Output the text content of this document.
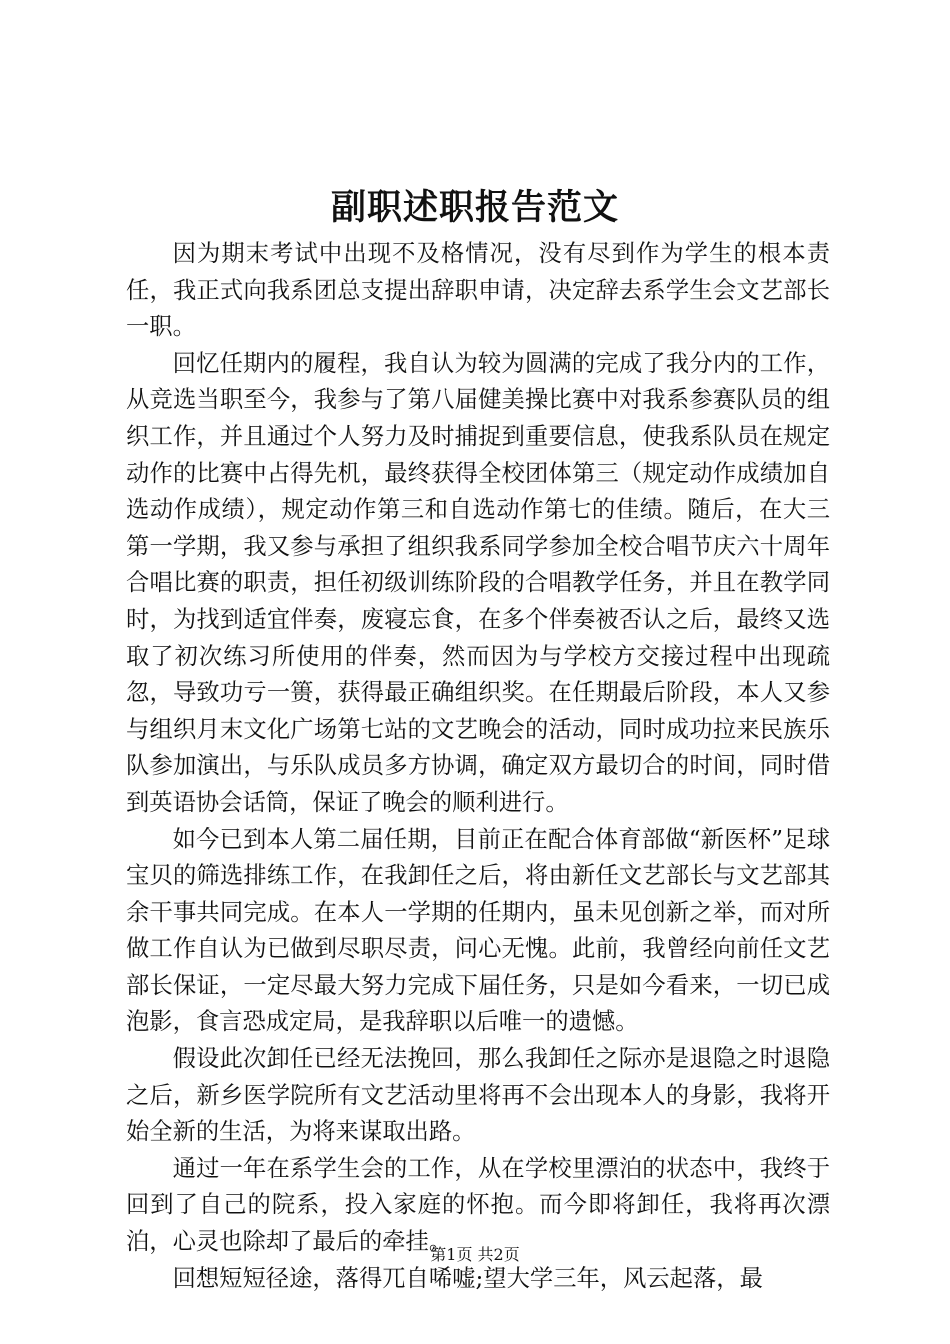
副职述职报告范文

因为期末考试中出现不及格情况，没有尽到作为学生的根本责任，我正式向我系团总支提出辞职申请，决定辞去系学生会文艺部长一职。

回忆任期内的履程，我自认为较为圆满的完成了我分内的工作，从竞选当职至今，我参与了第八届健美操比赛中对我系参赛队员的组织工作，并且通过个人努力及时捕捉到重要信息，使我系队员在规定动作的比赛中占得先机，最终获得全校团体第三（规定动作成绩加自选动作成绩），规定动作第三和自选动作第七的佳绩。随后，在大三第一学期，我又参与承担了组织我系同学参加全校合唱节庆六十周年合唱比赛的职责，担任初级训练阶段的合唱教学任务，并且在教学同时，为找到适宜伴奏，废寝忘食，在多个伴奏被否认之后，最终又选取了初次练习所使用的伴奏，然而因为与学校方交接过程中出现疏忽，导致功亏一篑，获得最正确组织奖。在任期最后阶段，本人又参与组织月末文化广场第七站的文艺晚会的活动，同时成功拉来民族乐队参加演出，与乐队成员多方协调，确定双方最切合的时间，同时借到英语协会话筒，保证了晚会的顺利进行。

如今已到本人第二届任期，目前正在配合体育部做“新医杯”足球宝贝的筛选排练工作，在我卸任之后，将由新任文艺部长与文艺部其余干事共同完成。在本人一学期的任期内，虽未见创新之举，而对所做工作自认为已做到尽职尽责，问心无愧。此前，我曾经向前任文艺部长保证，一定尽最大努力完成下届任务，只是如今看来，一切已成泡影，食言恐成定局，是我辞职以后唯一的遗憾。

假设此次卸任已经无法挽回，那么我卸任之际亦是退隐之时退隐之后，新乡医学院所有文艺活动里将再不会出现本人的身影，我将开始全新的生活，为将来谋取出路。

通过一年在系学生会的工作，从在学校里漂泊的状态中，我终于回到了自己的院系，投入家庭的怀抱。而今即将卸任，我将再次漂泊，心灵也除却了最后的牵挂。

回想短短径途，落得兀自唏嘘;望大学三年，风云起落，最

第1页 共2页
